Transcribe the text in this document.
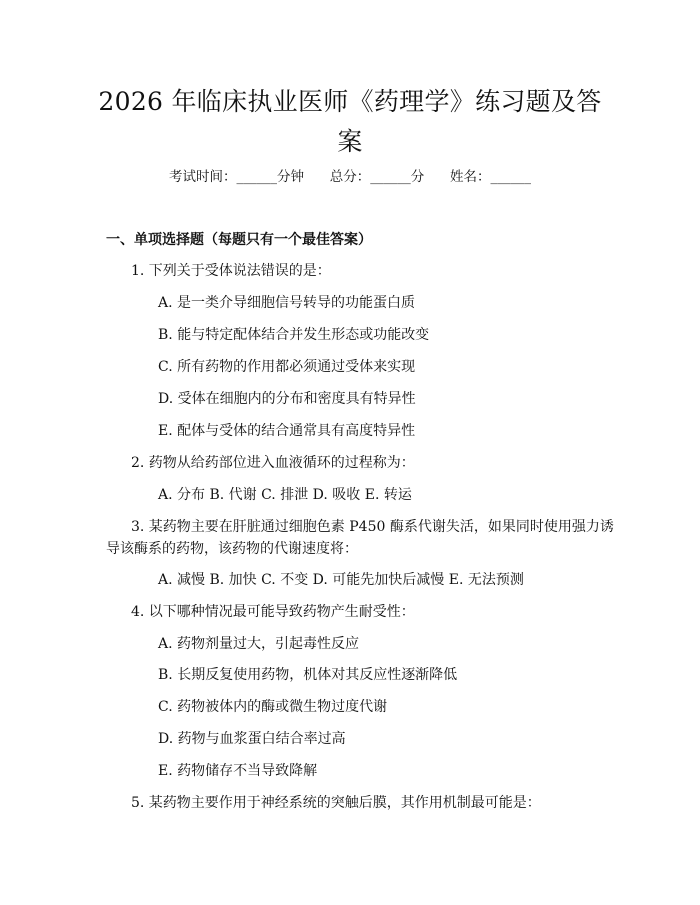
2026 年临床执业医师《药理学》练习题及答
案
考试时间：______分钟      总分：______分      姓名：______
一、单项选择题（每题只有一个最佳答案）
1. 下列关于受体说法错误的是：
A. 是一类介导细胞信号转导的功能蛋白质
B. 能与特定配体结合并发生形态或功能改变
C. 所有药物的作用都必须通过受体来实现
D. 受体在细胞内的分布和密度具有特异性
E. 配体与受体的结合通常具有高度特异性
2. 药物从给药部位进入血液循环的过程称为：
A. 分布 B. 代谢 C. 排泄 D. 吸收 E. 转运
3. 某药物主要在肝脏通过细胞色素 P450 酶系代谢失活，如果同时使用强力诱
导该酶系的药物，该药物的代谢速度将：
A. 减慢 B. 加快 C. 不变 D. 可能先加快后减慢 E. 无法预测
4. 以下哪种情况最可能导致药物产生耐受性：
A. 药物剂量过大，引起毒性反应
B. 长期反复使用药物，机体对其反应性逐渐降低
C. 药物被体内的酶或微生物过度代谢
D. 药物与血浆蛋白结合率过高
E. 药物储存不当导致降解
5. 某药物主要作用于神经系统的突触后膜，其作用机制最可能是：
